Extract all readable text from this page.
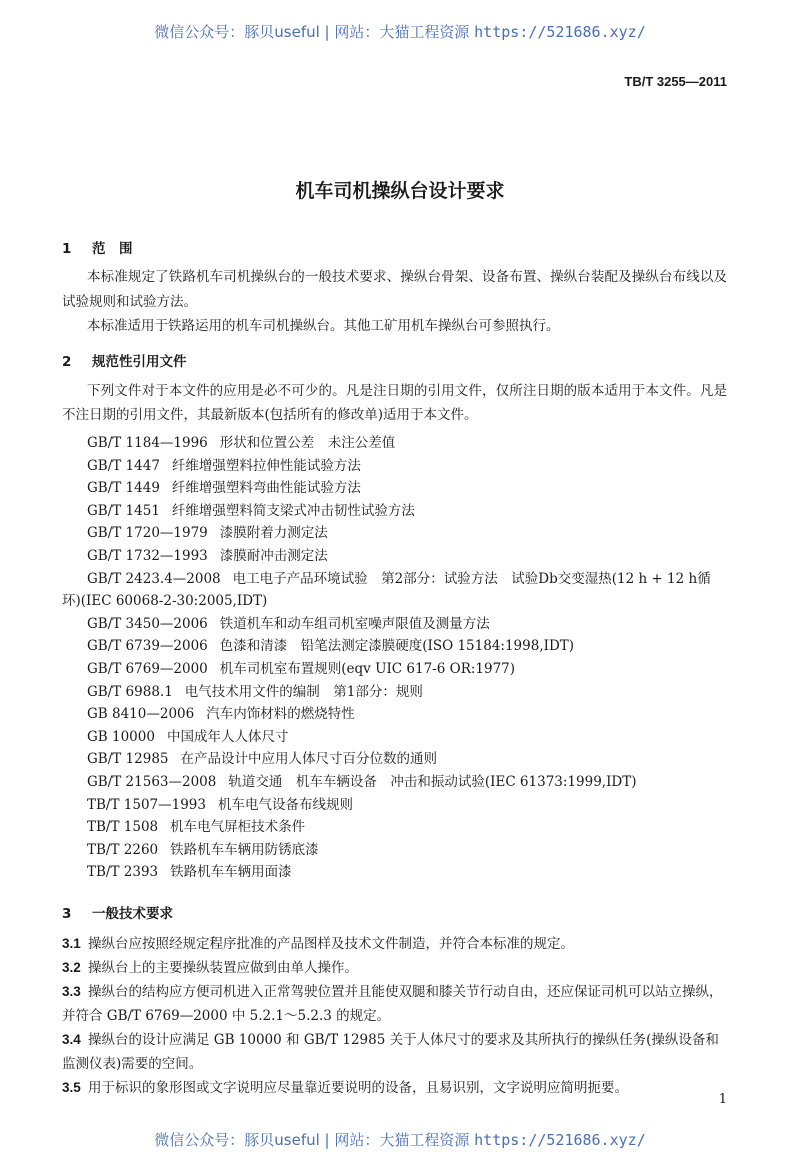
微信公众号：豚贝useful | 网站：大猫工程资源 https://521686.xyz/
TB/T 3255—2011
机车司机操纵台设计要求
1 范　围
本标准规定了铁路机车司机操纵台的一般技术要求、操纵台骨架、设备布置、操纵台装配及操纵台布线以及试验规则和试验方法。
本标准适用于铁路运用的机车司机操纵台。其他工矿用机车操纵台可参照执行。
2 规范性引用文件
下列文件对于本文件的应用是必不可少的。凡是注日期的引用文件，仅所注日期的版本适用于本文件。凡是不注日期的引用文件，其最新版本(包括所有的修改单)适用于本文件。
GB/T 1184—1996 形状和位置公差　未注公差值
GB/T 1447 纤维增强塑料拉伸性能试验方法
GB/T 1449 纤维增强塑料弯曲性能试验方法
GB/T 1451 纤维增强塑料简支梁式冲击韧性试验方法
GB/T 1720—1979 漆膜附着力测定法
GB/T 1732—1993 漆膜耐冲击测定法
GB/T 2423.4—2008 电工电子产品环境试验　第2部分：试验方法　试验Db交变湿热(12 h + 12 h循环)(IEC 60068-2-30:2005,IDT)
GB/T 3450—2006 铁道机车和动车组司机室噪声限值及测量方法
GB/T 6739—2006 色漆和清漆　铅笔法测定漆膜硬度(ISO 15184:1998,IDT)
GB/T 6769—2000 机车司机室布置规则(eqv UIC 617-6 OR:1977)
GB/T 6988.1 电气技术用文件的编制　第1部分：规则
GB 8410—2006 汽车内饰材料的燃烧特性
GB 10000 中国成年人人体尺寸
GB/T 12985 在产品设计中应用人体尺寸百分位数的通则
GB/T 21563—2008 轨道交通　机车车辆设备　冲击和振动试验(IEC 61373:1999,IDT)
TB/T 1507—1993 机车电气设备布线规则
TB/T 1508 机车电气屏柜技术条件
TB/T 2260 铁路机车车辆用防锈底漆
TB/T 2393 铁路机车车辆用面漆
3 一般技术要求
3.1 操纵台应按照经规定程序批准的产品图样及技术文件制造，并符合本标准的规定。
3.2 操纵台上的主要操纵装置应做到由单人操作。
3.3 操纵台的结构应方便司机进入正常驾驶位置并且能使双腿和膝关节行动自由，还应保证司机可以站立操纵，并符合 GB/T 6769—2000 中 5.2.1～5.2.3 的规定。
3.4 操纵台的设计应满足 GB 10000 和 GB/T 12985 关于人体尺寸的要求及其所执行的操纵任务(操纵设备和监测仪表)需要的空间。
3.5 用于标识的象形图或文字说明应尽量靠近要说明的设备，且易识别，文字说明应简明扼要。
1
微信公众号：豚贝useful | 网站：大猫工程资源 https://521686.xyz/
